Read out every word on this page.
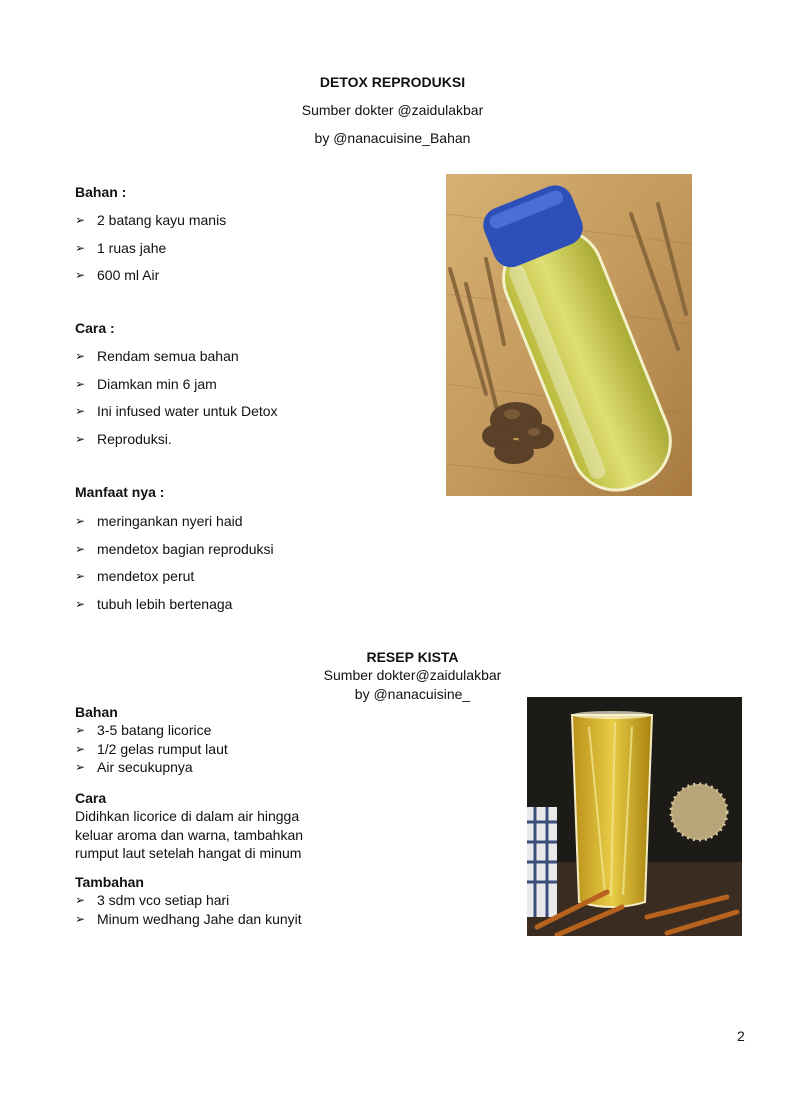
DETOX REPRODUKSI
Sumber dokter @zaidulakbar
by @nanacuisine_Bahan
Bahan :
➢ 2 batang kayu manis
➢ 1 ruas jahe
➢ 600 ml Air
Cara :
➢ Rendam semua bahan
➢ Diamkan min 6 jam
➢ Ini infused water untuk Detox
➢ Reproduksi.
Manfaat nya :
➢ meringankan nyeri haid
➢ mendetox bagian reproduksi
➢ mendetox perut
➢ tubuh lebih bertenaga
RESEP KISTA
Sumber dokter@zaidulakbar
by @nanacuisine_
Bahan
➢ 3-5 batang licorice
➢ 1/2 gelas rumput laut
➢ Air secukupnya
Cara
Didihkan licorice di dalam air hingga
keluar aroma dan warna, tambahkan
rumput laut setelah hangat di minum
Tambahan
➢ 3 sdm vco setiap hari
➢ Minum wedhang Jahe dan kunyit
2
